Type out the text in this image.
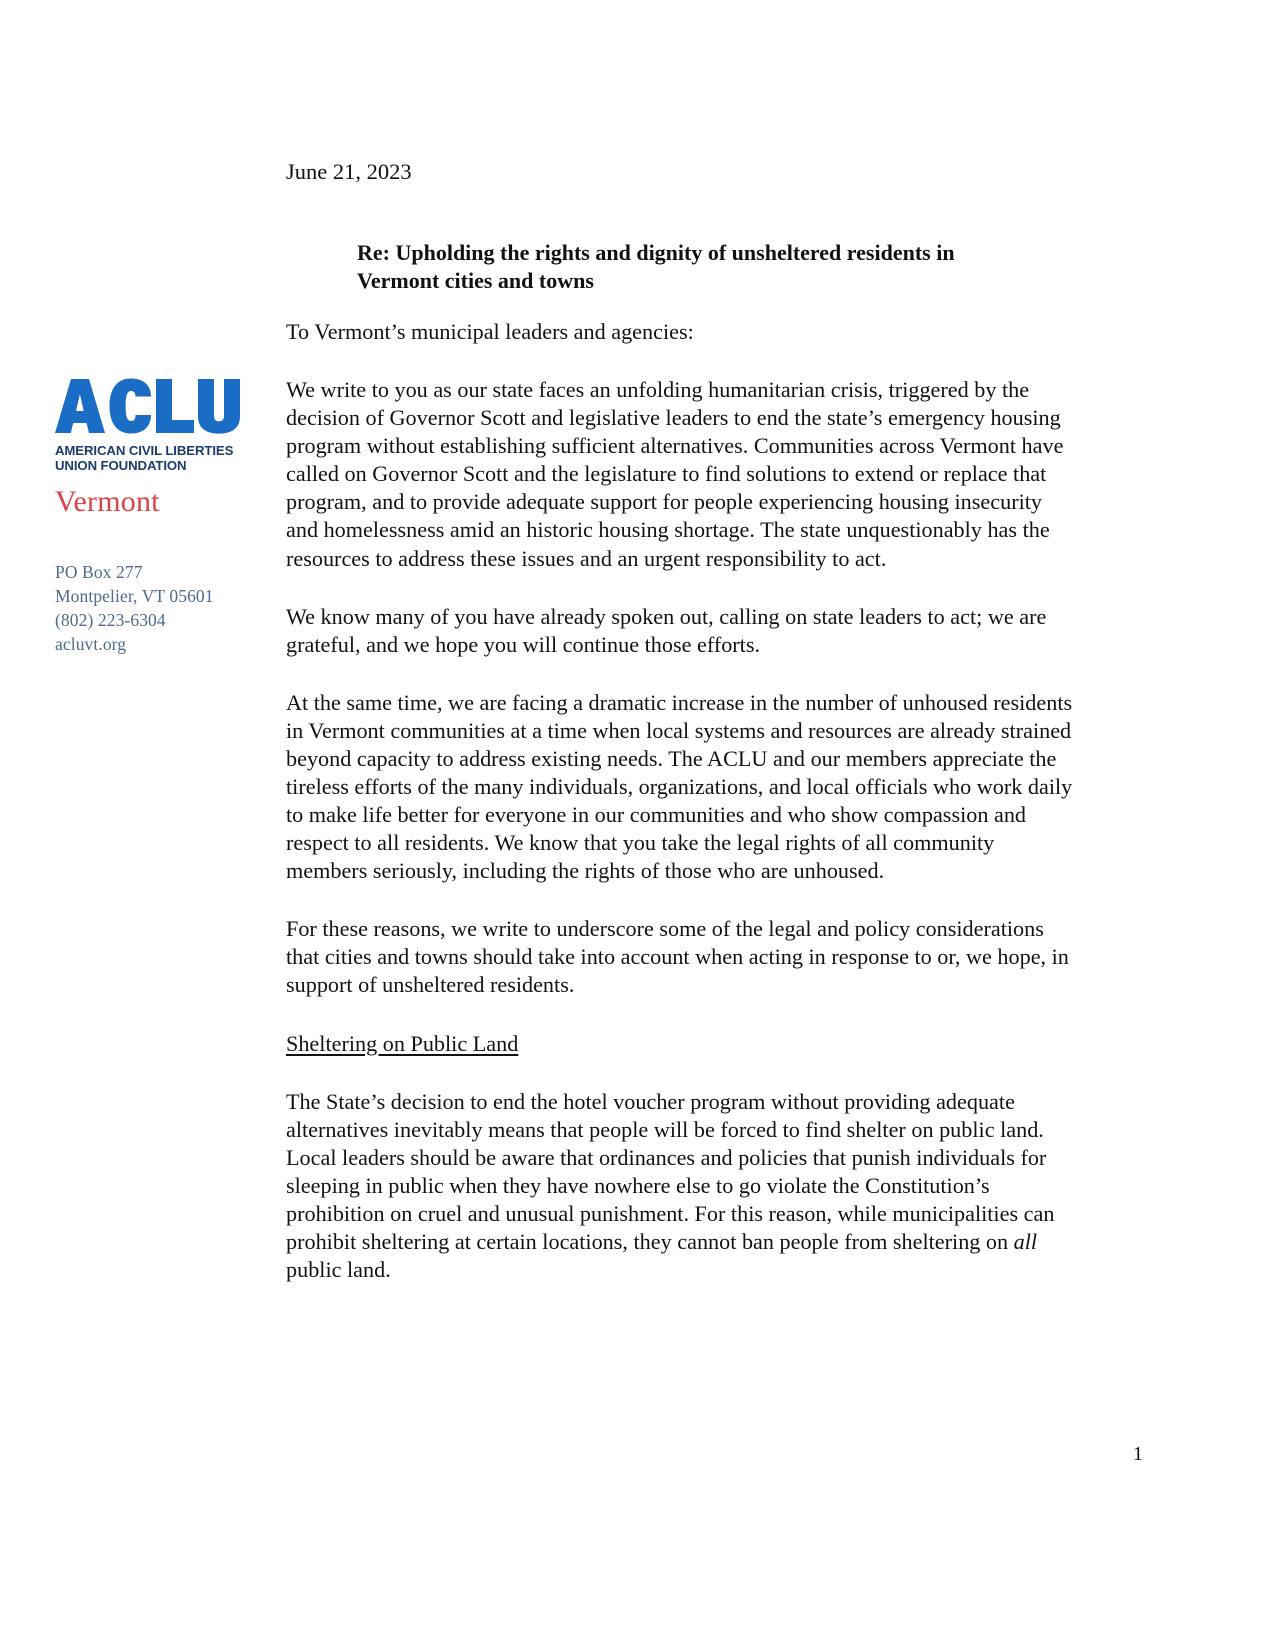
June 21, 2023
Re: Upholding the rights and dignity of unsheltered residents in Vermont cities and towns
AMERICAN CIVIL LIBERTIES UNION FOUNDATION
Vermont
PO Box 277
Montpelier, VT 05601
(802) 223-6304
acluvt.org

To Vermont’s municipal leaders and agencies:

We write to you as our state faces an unfolding humanitarian crisis, triggered by the decision of Governor Scott and legislative leaders to end the state’s emergency housing program without establishing sufficient alternatives. Communities across Vermont have called on Governor Scott and the legislature to find solutions to extend or replace that program, and to provide adequate support for people experiencing housing insecurity and homelessness amid an historic housing shortage. The state unquestionably has the resources to address these issues and an urgent responsibility to act.

We know many of you have already spoken out, calling on state leaders to act; we are grateful, and we hope you will continue those efforts.

At the same time, we are facing a dramatic increase in the number of unhoused residents in Vermont communities at a time when local systems and resources are already strained beyond capacity to address existing needs. The ACLU and our members appreciate the tireless efforts of the many individuals, organizations, and local officials who work daily to make life better for everyone in our communities and who show compassion and respect to all residents. We know that you take the legal rights of all community members seriously, including the rights of those who are unhoused.

For these reasons, we write to underscore some of the legal and policy considerations that cities and towns should take into account when acting in response to or, we hope, in support of unsheltered residents.

Sheltering on Public Land

The State’s decision to end the hotel voucher program without providing adequate alternatives inevitably means that people will be forced to find shelter on public land. Local leaders should be aware that ordinances and policies that punish individuals for sleeping in public when they have nowhere else to go violate the Constitution’s prohibition on cruel and unusual punishment. For this reason, while municipalities can prohibit sheltering at certain locations, they cannot ban people from sheltering on all public land.

1
